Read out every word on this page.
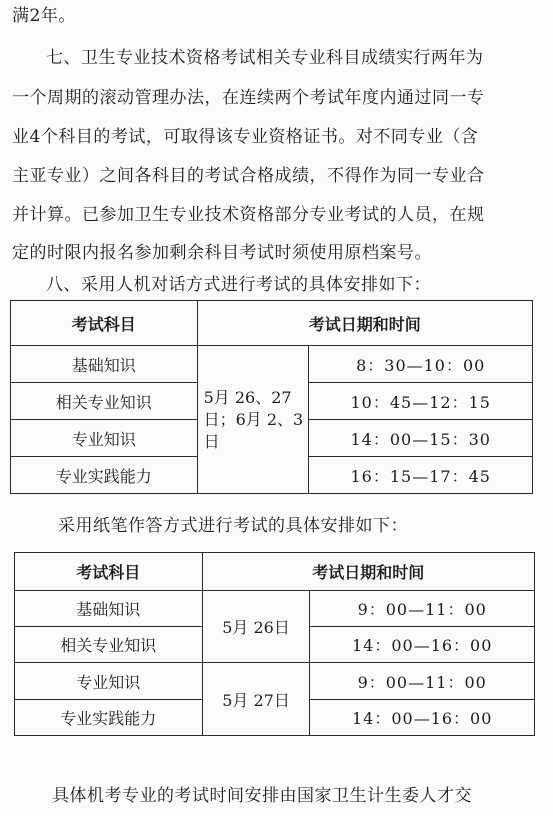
满2年。
七、卫生专业技术资格考试相关专业科目成绩实行两年为
一个周期的滚动管理办法，在连续两个考试年度内通过同一专
业4个科目的考试，可取得该专业资格证书。对不同专业（含
主亚专业）之间各科目的考试合格成绩，不得作为同一专业合
并计算。已参加卫生专业技术资格部分专业考试的人员，在规
定的时限内报名参加剩余科目考试时须使用原档案号。
八、采用人机对话方式进行考试的具体安排如下：
考试科目	考试日期和时间	
基础知识	5月 26、27日；6月 2、3日	8：30—10：00
相关专业知识		10：45—12：15
专业知识		14：00—15：30
专业实践能力		16：15—17：45
采用纸笔作答方式进行考试的具体安排如下：
考试科目	考试日期和时间	
基础知识	5月 26日	9：00—11：00
相关专业知识		14：00—16：00
专业知识	5月 27日	9：00—11：00
专业实践能力		14：00—16：00
具体机考专业的考试时间安排由国家卫生计生委人才交
